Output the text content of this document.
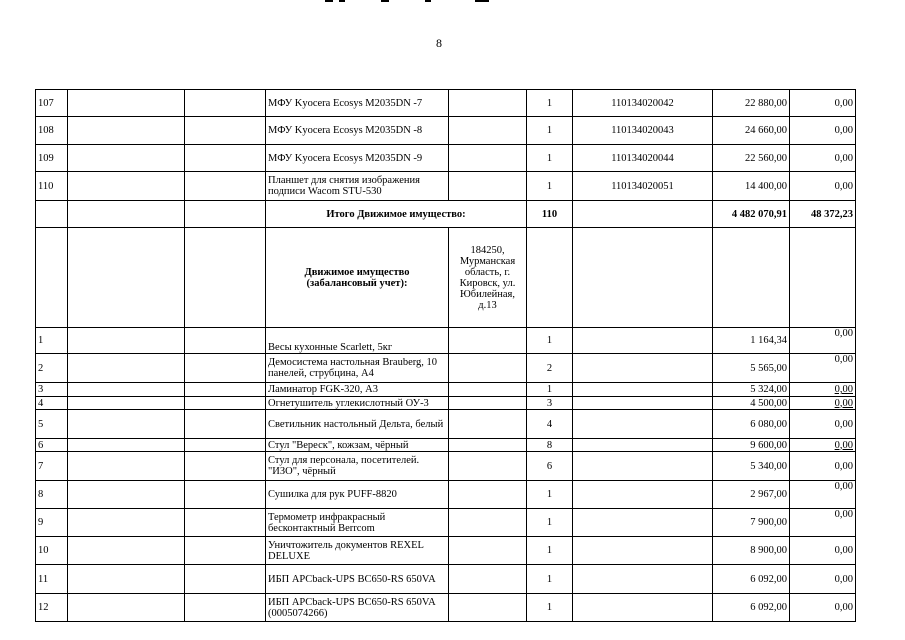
8
107			МФУ Kyocera Ecosys M2035DN -7		1	110134020042	22 880,00	0,00
108			МФУ Kyocera Ecosys M2035DN -8		1	110134020043	24 660,00	0,00
109			МФУ Kyocera Ecosys M2035DN -9		1	110134020044	22 560,00	0,00
110			Планшет для снятия изображения подписи Wacom STU-530		1	110134020051	14 400,00	0,00
			Итого Движимое имущество:		110		4 482 070,91	48 372,23
			Движимое имущество (забалансовый учет):	184250, Мурманская область, г. Кировск, ул. Юбилейная, д.13				
1			Весы кухонные Scarlett, 5кг		1		1 164,34	0,00
2			Демосистема настольная Brauberg, 10 панелей, струбцина, А4		2		5 565,00	0,00
3			Ламинатор FGK-320, А3		1		5 324,00	0,00
4			Огнетушитель углекислотный ОУ-3		3		4 500,00	0,00
5			Светильник настольный Дельта, белый		4		6 080,00	0,00
6			Стул "Вереск", кожзам, чёрный		8		9 600,00	0,00
7			Стул для персонала, посетителей. "ИЗО", чёрный		6		5 340,00	0,00
8			Сушилка для рук PUFF-8820		1		2 967,00	0,00
9			Термометр инфракрасный бесконтактный Berrcom		1		7 900,00	0,00
10			Уничтожитель документов REXEL DELUXE		1		8 900,00	0,00
11			ИБП APCback-UPS BC650-RS 650VA		1		6 092,00	0,00
12			ИБП APCback-UPS BC650-RS 650VA (0005074266)		1		6 092,00	0,00
